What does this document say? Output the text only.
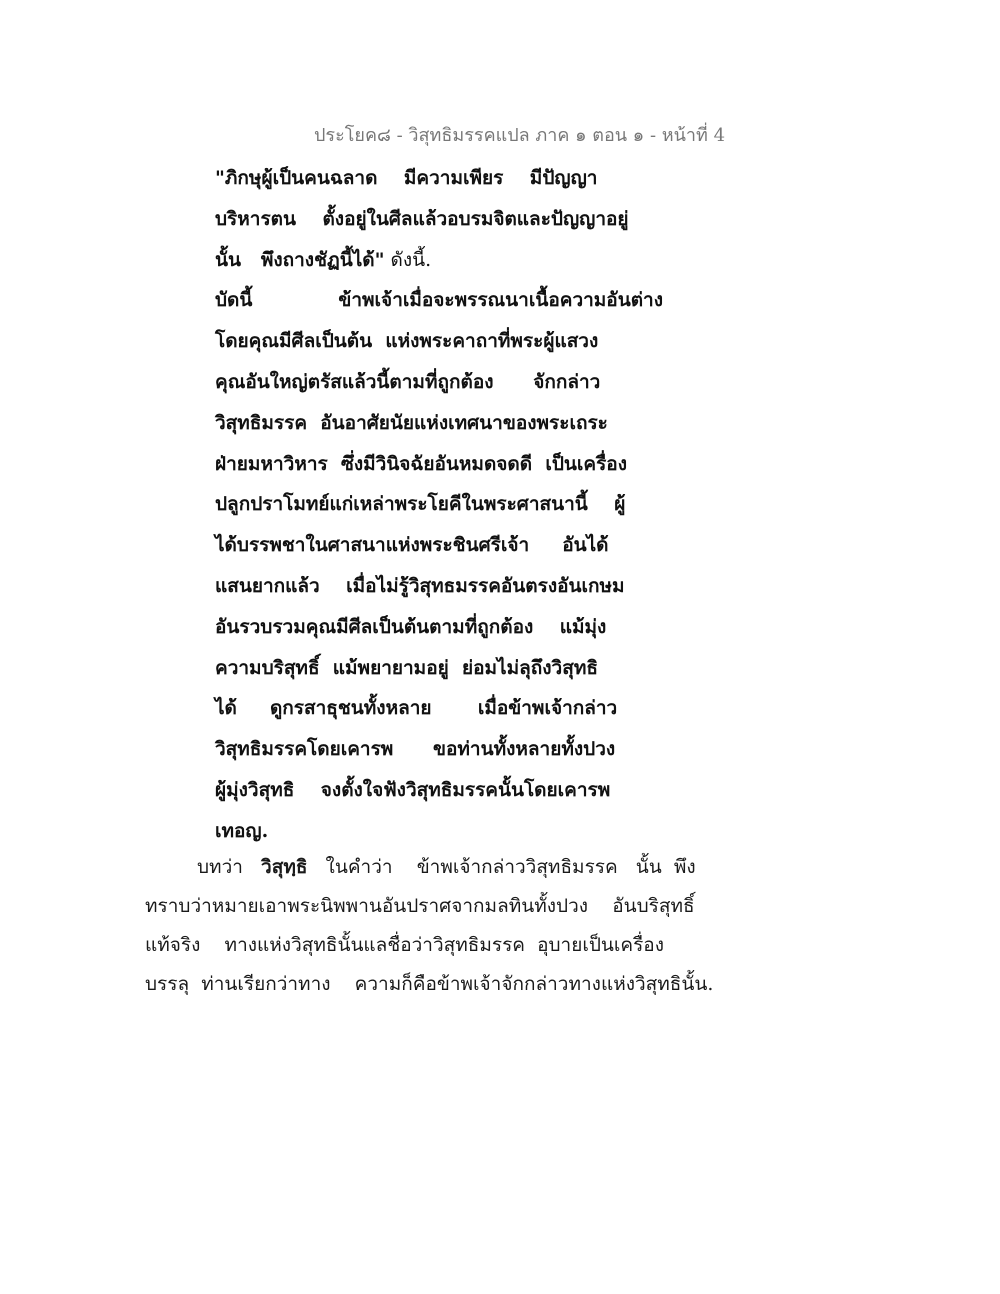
ประโยค๘ - วิสุทธิมรรคแปล ภาค ๑ ตอน ๑ - หน้าที่ 4
"ภิกษุผู้เป็นคนฉลาด    มีความเพียร    มีปัญญา
บริหารตน    ตั้งอยู่ในศีลแล้วอบรมจิตและปัญญาอยู่
นั้น   พึงถางชัฏนี้ได้" ดังนี้.
บัดนี้             ข้าพเจ้าเมื่อจะพรรณนาเนื้อความอันต่าง
โดยคุณมีศีลเป็นต้น  แห่งพระคาถาที่พระผู้แสวง
คุณอันใหญ่ตรัสแล้วนี้ตามที่ถูกต้อง      จักกล่าว
วิสุทธิมรรค  อันอาศัยนัยแห่งเทศนาของพระเถระ
ฝ่ายมหาวิหาร  ซึ่งมีวินิจฉัยอันหมดจดดี  เป็นเครื่อง
ปลูกปราโมทย์แก่เหล่าพระโยคีในพระศาสนานี้    ผู้
ได้บรรพชาในศาสนาแห่งพระชินศรีเจ้า     อันได้
แสนยากแล้ว    เมื่อไม่รู้วิสุทธมรรคอันตรงอันเกษม
อันรวบรวมคุณมีศีลเป็นต้นตามที่ถูกต้อง    แม้มุ่ง
ความบริสุทธิ์  แม้พยายามอยู่  ย่อมไม่ลุถึงวิสุทธิ
ได้     ดูกรสาธุชนทั้งหลาย       เมื่อข้าพเจ้ากล่าว
วิสุทธิมรรคโดยเคารพ      ขอท่านทั้งหลายทั้งปวง
ผู้มุ่งวิสุทธิ    จงตั้งใจฟังวิสุทธิมรรคนั้นโดยเคารพ
เทอญ.
บทว่า   วิสุทฺธิ   ในคำว่า    ข้าพเจ้ากล่าววิสุทธิมรรค   นั้น  พึง
ทราบว่าหมายเอาพระนิพพานอันปราศจากมลทินทั้งปวง    อันบริสุทธิ์
แท้จริง    ทางแห่งวิสุทธินั้นแลชื่อว่าวิสุทธิมรรค  อุบายเป็นเครื่อง
บรรลุ  ท่านเรียกว่าทาง    ความก็คือข้าพเจ้าจักกล่าวทางแห่งวิสุทธินั้น.
